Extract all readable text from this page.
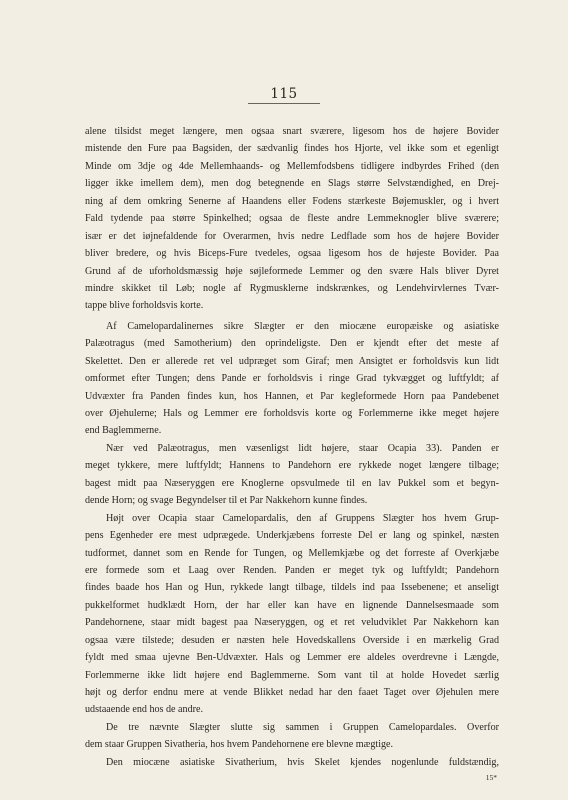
115
alene tilsidst meget længere, men ogsaa snart sværere, ligesom hos de højere Bovider
mistende den Fure paa Bagsiden, der sædvanlig findes hos Hjorte, vel ikke som et egenligt
Minde om 3dje og 4de Mellemhaands- og Mellemfodsbens tidligere indbyrdes Frihed (den
ligger ikke imellem dem), men dog betegnende en Slags større Selvstændighed, en Drej-
ning af dem omkring Senerne af Haandens eller Fodens stærkeste Bøjemuskler, og i hvert
Fald tydende paa større Spinkelhed; ogsaa de fleste andre Lemmeknogler blive sværere;
især er det iøjnefaldende for Overarmen, hvis nedre Ledflade som hos de højere Bovider
bliver bredere, og hvis Biceps-Fure tvedeles, ogsaa ligesom hos de højeste Bovider. Paa
Grund af de uforholdsmæssig høje søjleformede Lemmer og den svære Hals bliver Dyret
mindre skikket til Løb; nogle af Rygmusklerne indskrænkes, og Lendehvirvlernes Tvær-
tappe blive forholdsvis korte.
Af Camelopardalinernes sikre Slægter er den miocæne europæiske og asiatiske
Palæotragus (med Samotherium) den oprindeligste. Den er kjendt efter det meste af
Skelettet. Den er allerede ret vel udpræget som Giraf; men Ansigtet er forholdsvis kun lidt
omformet efter Tungen; dens Pande er forholdsvis i ringe Grad tykvægget og luftfyldt; af
Udvæxter fra Panden findes kun, hos Hannen, et Par kegleformede Horn paa Pandebenet
over Øjehulerne; Hals og Lemmer ere forholdsvis korte og Forlemmerne ikke meget højere
end Baglemmerne.
Nær ved Palæotragus, men væsenligst lidt højere, staar Ocapia 33). Panden er
meget tykkere, mere luftfyldt; Hannens to Pandehorn ere rykkede noget længere tilbage;
bagest midt paa Næseryggen ere Knoglerne opsvulmede til en lav Pukkel som et begyn-
dende Horn; og svage Begyndelser til et Par Nakkehorn kunne findes.
Højt over Ocapia staar Camelopardalis, den af Gruppens Slægter hos hvem Grup-
pens Egenheder ere mest udprægede. Underkjæbens forreste Del er lang og spinkel, næsten
tudformet, dannet som en Rende for Tungen, og Mellemkjæbe og det forreste af Overkjæbe
ere formede som et Laag over Renden. Panden er meget tyk og luftfyldt; Pandehorn
findes baade hos Han og Hun, rykkede langt tilbage, tildels ind paa Issebenene; et anseligt
pukkelformet hudklædt Horn, der har eller kan have en lignende Dannelsesmaade som
Pandehornene, staar midt bagest paa Næseryggen, og et ret veludviklet Par Nakkehorn kan
ogsaa være tilstede; desuden er næsten hele Hovedskallens Overside i en mærkelig Grad
fyldt med smaa ujevne Ben-Udvæxter. Hals og Lemmer ere aldeles overdrevne i Længde,
Forlemmerne ikke lidt højere end Baglemmerne. Som vant til at holde Hovedet særlig
højt og derfor endnu mere at vende Blikket nedad har den faaet Taget over Øjehulen mere
udstaaende end hos de andre.
De tre nævnte Slægter slutte sig sammen i Gruppen Camelopardales. Overfor
dem staar Gruppen Sivatheria, hos hvem Pandehornene ere blevne mægtige.
Den miocæne asiatiske Sivatherium, hvis Skelet kjendes nogenlunde fuldstændig,
15*
